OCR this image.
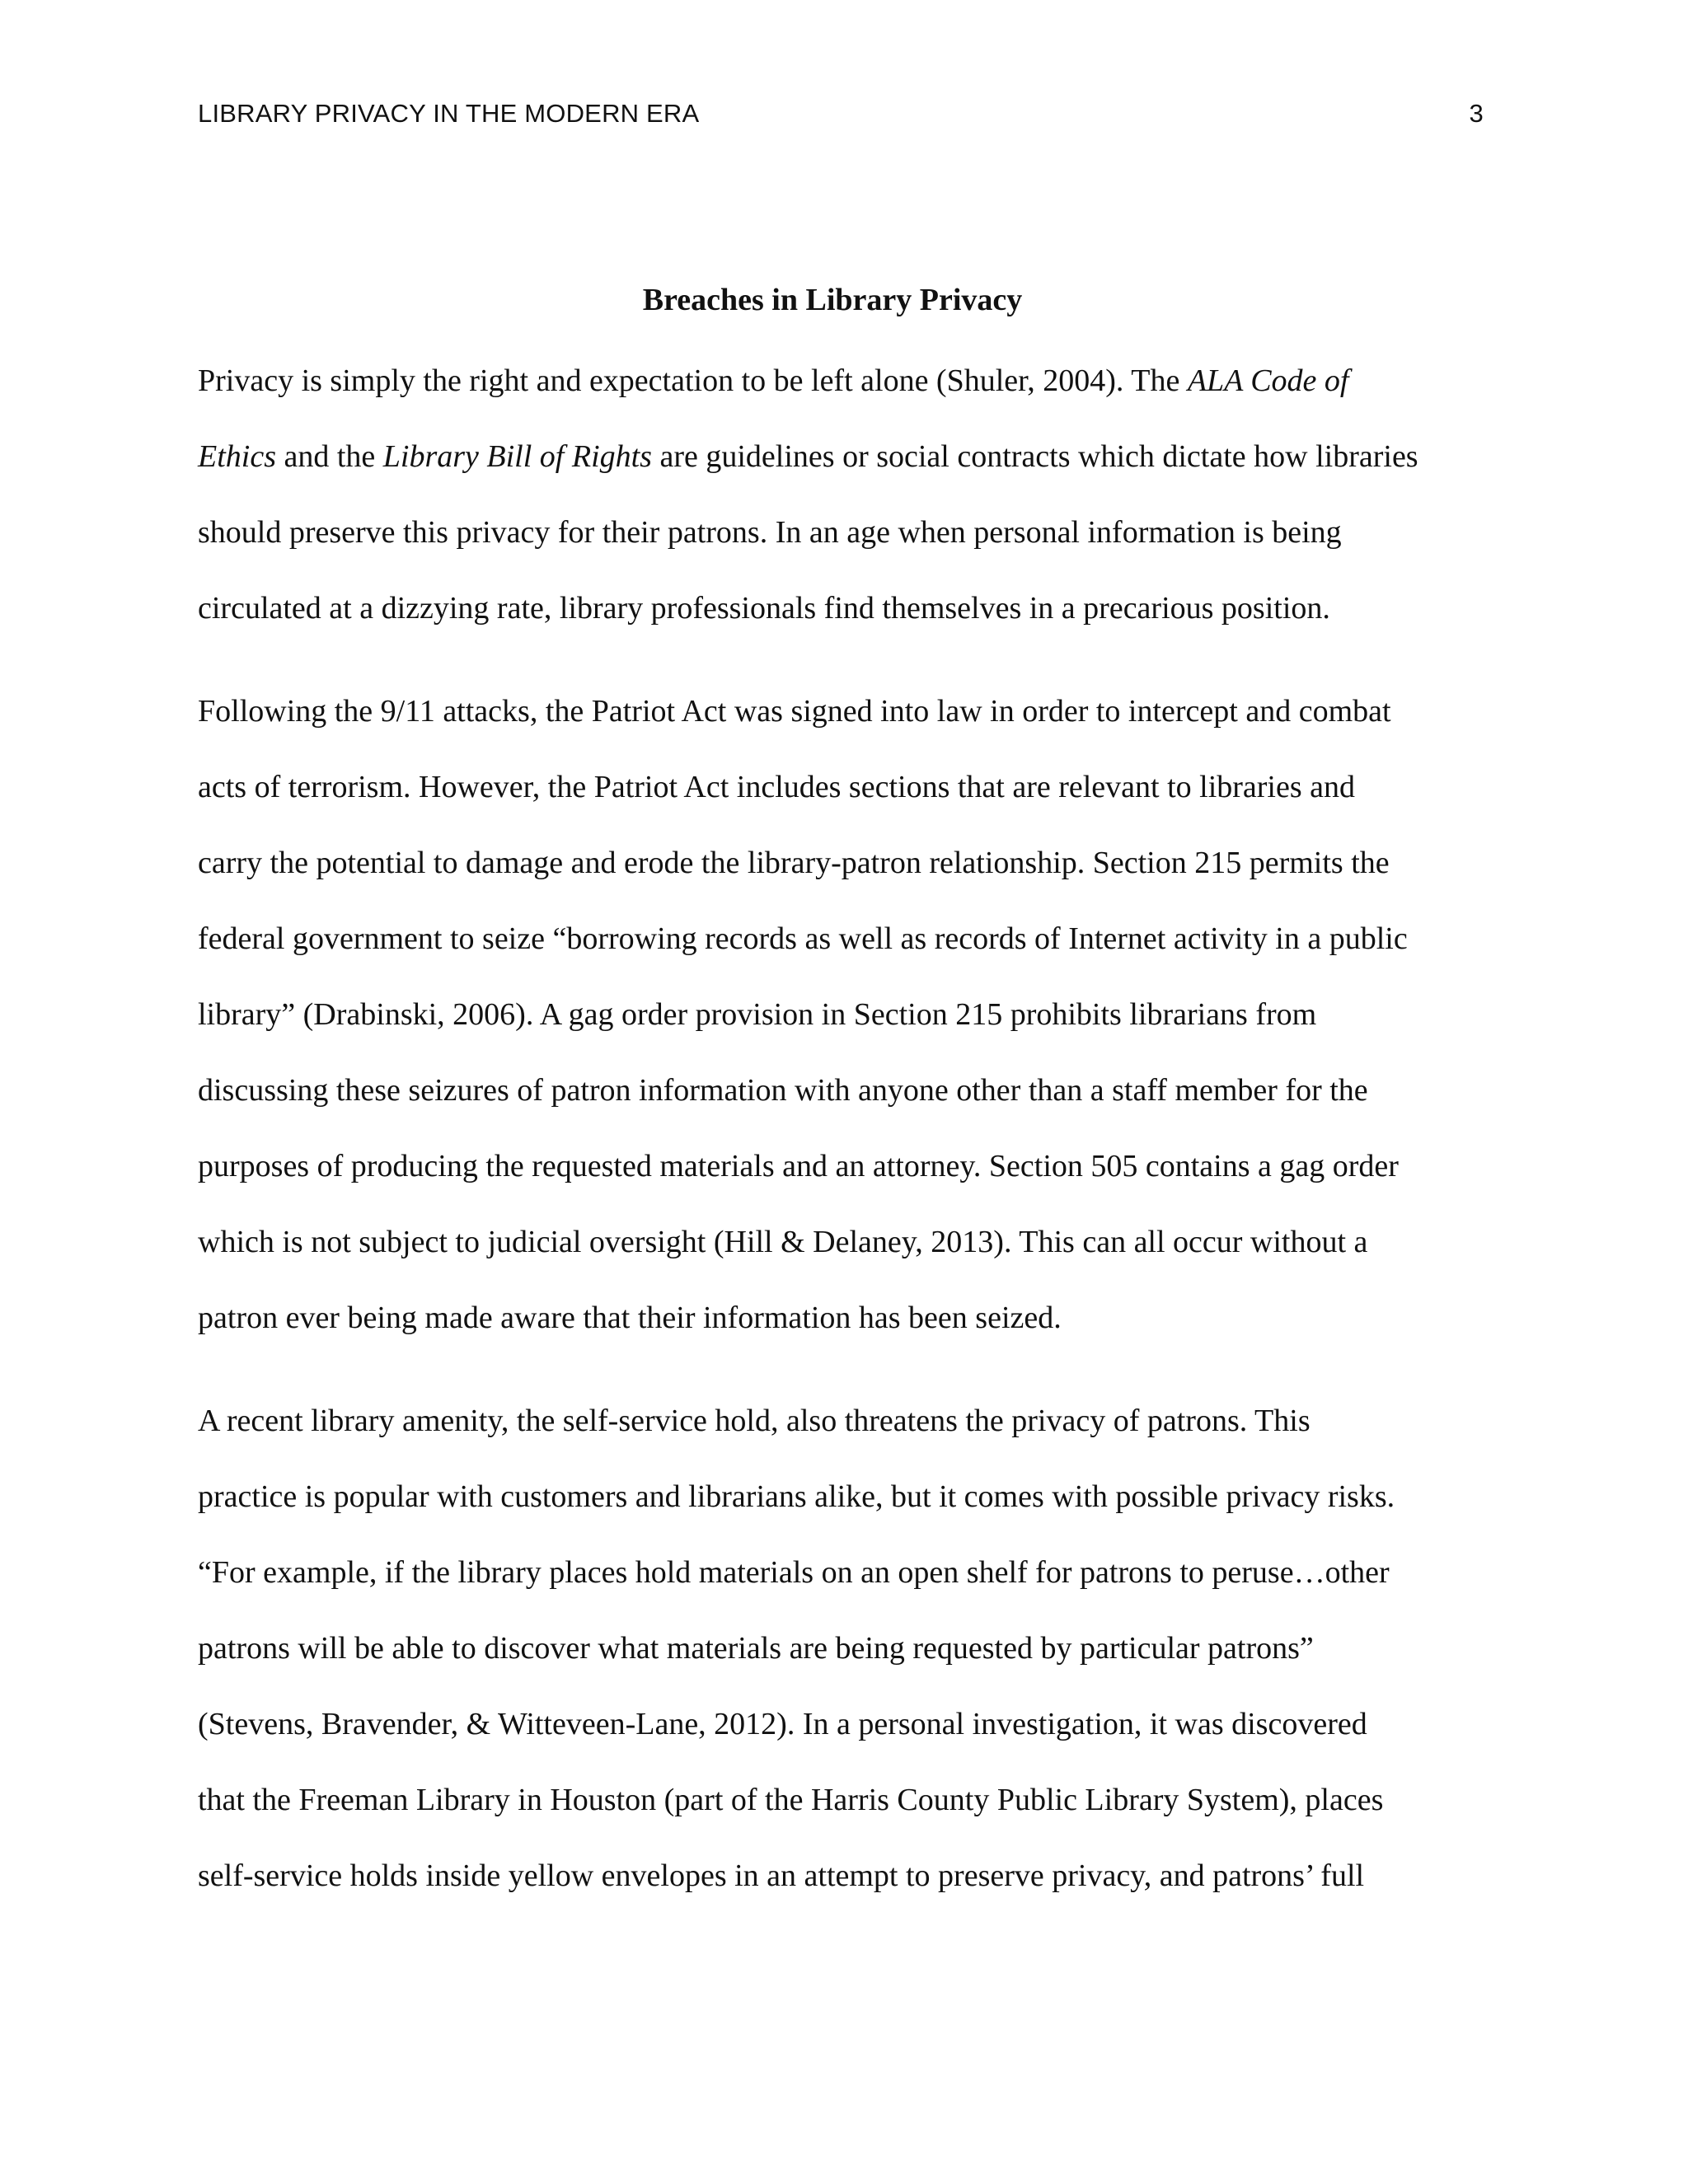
LIBRARY PRIVACY IN THE MODERN ERA	3
Breaches in Library Privacy
Privacy is simply the right and expectation to be left alone (Shuler, 2004). The ALA Code of
Ethics and the Library Bill of Rights are guidelines or social contracts which dictate how libraries
should preserve this privacy for their patrons. In an age when personal information is being
circulated at a dizzying rate, library professionals find themselves in a precarious position.
Following the 9/11 attacks, the Patriot Act was signed into law in order to intercept and combat
acts of terrorism. However, the Patriot Act includes sections that are relevant to libraries and
carry the potential to damage and erode the library-patron relationship. Section 215 permits the
federal government to seize “borrowing records as well as records of Internet activity in a public
library” (Drabinski, 2006). A gag order provision in Section 215 prohibits librarians from
discussing these seizures of patron information with anyone other than a staff member for the
purposes of producing the requested materials and an attorney. Section 505 contains a gag order
which is not subject to judicial oversight (Hill & Delaney, 2013). This can all occur without a
patron ever being made aware that their information has been seized.
A recent library amenity, the self-service hold, also threatens the privacy of patrons. This
practice is popular with customers and librarians alike, but it comes with possible privacy risks.
“For example, if the library places hold materials on an open shelf for patrons to peruse…other
patrons will be able to discover what materials are being requested by particular patrons”
(Stevens, Bravender, & Witteveen-Lane, 2012). In a personal investigation, it was discovered
that the Freeman Library in Houston (part of the Harris County Public Library System), places
self-service holds inside yellow envelopes in an attempt to preserve privacy, and patrons’ full
